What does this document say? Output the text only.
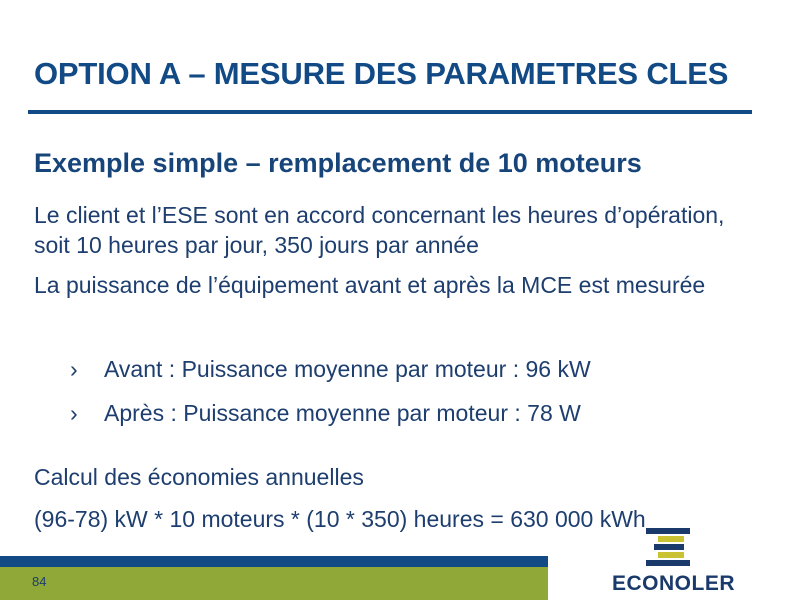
OPTION A – MESURE DES PARAMETRES CLES
Exemple simple – remplacement de 10 moteurs
Le client et l’ESE sont en accord concernant les heures d’opération, soit 10 heures par jour, 350 jours par année
La puissance de l’équipement avant et après la MCE est mesurée
› Avant : Puissance moyenne par moteur : 96 kW
› Après : Puissance moyenne par moteur : 78 W
Calcul des économies annuelles
(96-78) kW * 10 moteurs * (10 * 350) heures = 630 000 kWh
84	ECONOLER
